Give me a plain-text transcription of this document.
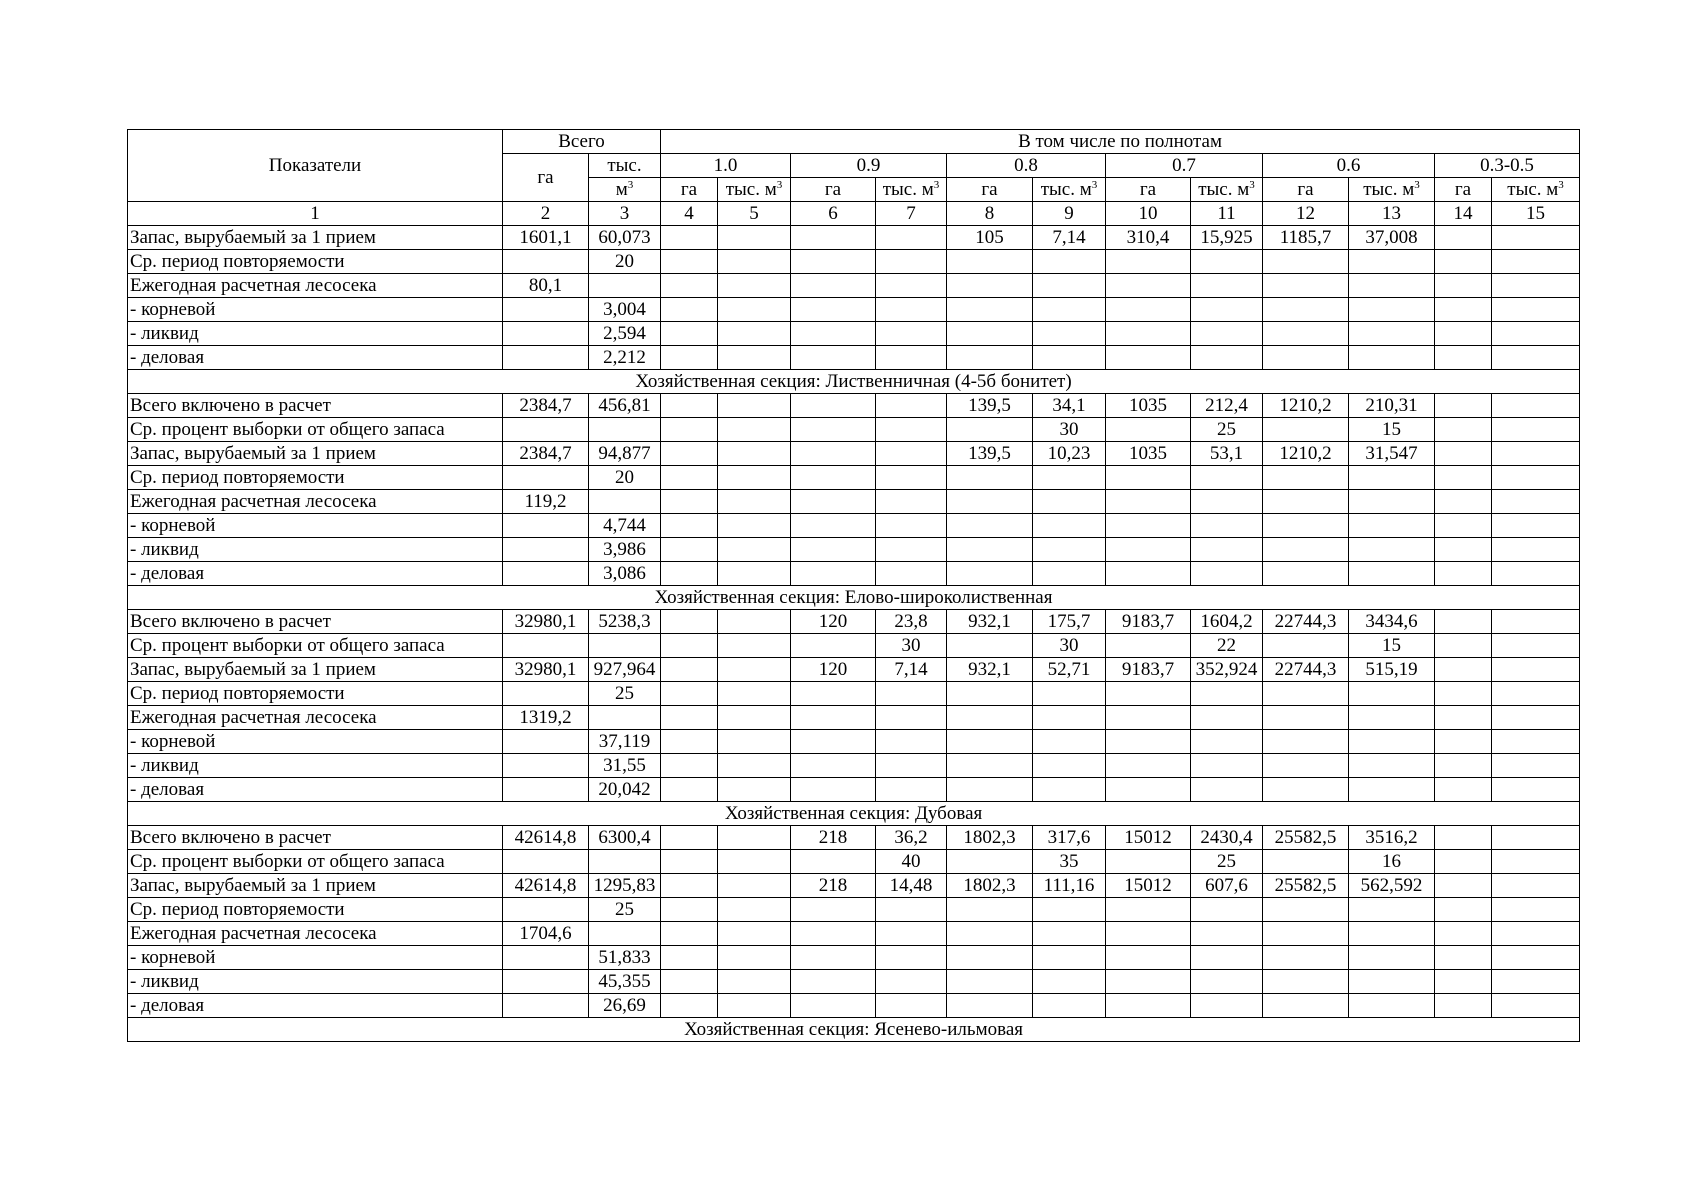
Показатели	Всего		В том числе по полнотам											
	га	тыс.	1.0		0.9		0.8		0.7		0.6		0.3-0.5	
		$м^3$	га	тыс. $м^3$	га	тыс. $м^3$	га	тыс. $м^3$	га	тыс. $м^3$	га	тыс. $м^3$	га	тыс. $м^3$
1	2	3	4	5	6	7	8	9	10	11	12	13	14	15
Запас, вырубаемый за 1 прием	1601,1	60,073					105	7,14	310,4	15,925	1185,7	37,008		
Ср. период повторяемости		20												
Ежегодная расчетная лесосека	80,1													
- корневой		3,004												
- ликвид		2,594												
- деловая		2,212												
Хозяйственная секция: Лиственничная (4-5б бонитет)														
Всего включено в расчет	2384,7	456,81					139,5	34,1	1035	212,4	1210,2	210,31		
Ср. процент выборки от общего запаса								30		25		15		
Запас, вырубаемый за 1 прием	2384,7	94,877					139,5	10,23	1035	53,1	1210,2	31,547		
Ср. период повторяемости		20												
Ежегодная расчетная лесосека	119,2													
- корневой		4,744												
- ликвид		3,986												
- деловая		3,086												
Хозяйственная секция: Елово-широколиственная														
Всего включено в расчет	32980,1	5238,3			120	23,8	932,1	175,7	9183,7	1604,2	22744,3	3434,6		
Ср. процент выборки от общего запаса						30		30		22		15		
Запас, вырубаемый за 1 прием	32980,1	927,964			120	7,14	932,1	52,71	9183,7	352,924	22744,3	515,19		
Ср. период повторяемости		25												
Ежегодная расчетная лесосека	1319,2													
- корневой		37,119												
- ликвид		31,55												
- деловая		20,042												
Хозяйственная секция: Дубовая														
Всего включено в расчет	42614,8	6300,4			218	36,2	1802,3	317,6	15012	2430,4	25582,5	3516,2		
Ср. процент выборки от общего запаса						40		35		25		16		
Запас, вырубаемый за 1 прием	42614,8	1295,83			218	14,48	1802,3	111,16	15012	607,6	25582,5	562,592		
Ср. период повторяемости		25												
Ежегодная расчетная лесосека	1704,6													
- корневой		51,833												
- ликвид		45,355												
- деловая		26,69												
Хозяйственная секция: Ясенево-ильмовая														
